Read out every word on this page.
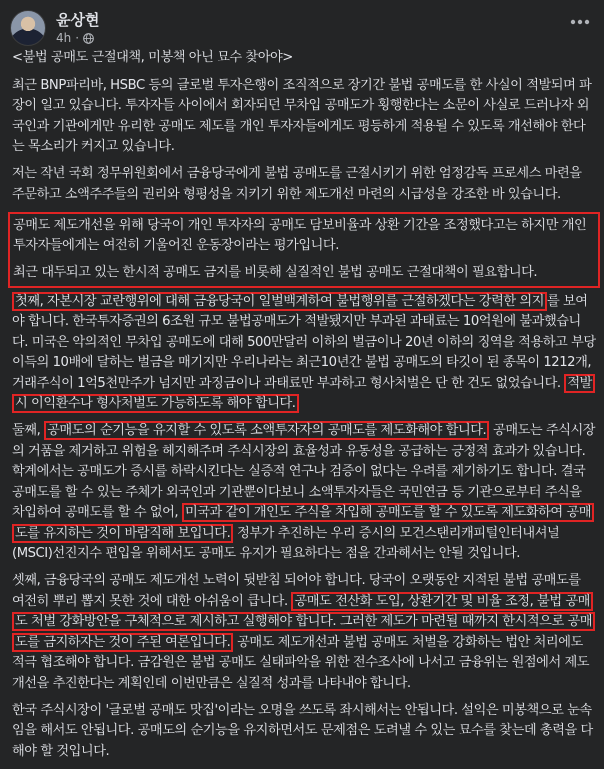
윤상현
4h ·
<불법 공매도 근절대책, 미봉책 아닌 묘수 찾아야>
최근 BNP파리바, HSBC 등의 글로벌 투자은행이 조직적으로 장기간 불법 공매도를 한 사실이 적발되며 파장이 일고 있습니다. 투자자들 사이에서 회자되던 무차입 공매도가 횡행한다는 소문이 사실로 드러나자 외국인과 기관에게만 유리한 공매도 제도를 개인 투자자들에게도 평등하게 적용될 수 있도록 개선해야 한다는 목소리가 커지고 있습니다.
저는 작년 국회 정무위원회에서 금융당국에게 불법 공매도를 근절시키기 위한 엄정감독 프로세스 마련을 주문하고 소액주주들의 권리와 형평성을 지키기 위한 제도개선 마련의 시급성을 강조한 바 있습니다.
공매도 제도개선을 위해 당국이 개인 투자자의 공매도 담보비율과 상환 기간을 조정했다고는 하지만 개인투자자들에게는 여전히 기울어진 운동장이라는 평가입니다.
최근 대두되고 있는 한시적 공매도 금지를 비롯해 실질적인 불법 공매도 근절대책이 필요합니다.
첫째, 자본시장 교란행위에 대해 금융당국이 일벌백계하여 불법행위를 근절하겠다는 강력한 의지 를 보여야 합니다. 한국투자증권의 6조원 규모 불법공매도가 적발됐지만 부과된 과태료는 10억원에 불과했습니다. 미국은 악의적인 무차입 공매도에 대해 500만달러 이하의 벌금이나 20년 이하의 징역을 적용하고 부당이득의 10배에 달하는 벌금을 매기지만 우리나라는 최근10년간 불법 공매도의 타깃이 된 종목이 1212개, 거래주식이 1억5천만주가 넘지만 과징금이나 과태료만 부과하고 형사처벌은 단 한 건도 없었습니다. 적발시 이익환수나 형사처벌도 가능하도록 해야 합니다.
둘째, 공매도의 순기능을 유지할 수 있도록 소액투자자의 공매도를 제도화해야 합니다. 공매도는 주식시장의 거품을 제거하고 위험을 헤지해주며 주식시장의 효율성과 유동성을 공급하는 긍정적 효과가 있습니다. 학계에서는 공매도가 증시를 하락시킨다는 실증적 연구나 검증이 없다는 우려를 제기하기도 합니다. 결국 공매도를 할 수 있는 주체가 외국인과 기관뿐이다보니 소액투자자들은 국민연금 등 기관으로부터 주식을 차입하여 공매도를 할 수 없어, 미국과 같이 개인도 주식을 차입해 공매도를 할 수 있도록 제도화하여 공매도를 유지하는 것이 바람직해 보입니다. 정부가 추진하는 우리 증시의 모건스탠리캐피털인터내셔널(MSCI)선진지수 편입을 위해서도 공매도 유지가 필요하다는 점을 간과해서는 안될 것입니다.
셋째, 금융당국의 공매도 제도개선 노력이 뒷받침 되어야 합니다. 당국이 오랫동안 지적된 불법 공매도를 여전히 뿌리 뽑지 못한 것에 대한 아쉬움이 큽니다. 공매도 전산화 도입, 상환기간 및 비율 조정, 불법 공매도 처벌 강화방안을 구체적으로 제시하고 실행해야 합니다. 그러한 제도가 마련될 때까지 한시적으로 공매도를 금지하자는 것이 주된 여론입니다. 공매도 제도개선과 불법 공매도 처벌을 강화하는 법안 처리에도 적극 협조해야 합니다. 금감원은 불법 공매도 실태파악을 위한 전수조사에 나서고 금융위는 원점에서 제도개선을 추진한다는 계획인데 이번만큼은 실질적 성과를 나타내야 합니다.
한국 주식시장이 '글로벌 공매도 맛집'이라는 오명을 쓰도록 좌시해서는 안됩니다. 설익은 미봉책으로 눈속임을 해서도 안됩니다. 공매도의 순기능을 유지하면서도 문제점은 도려낼 수 있는 묘수를 찾는데 총력을 다해야 할 것입니다.
